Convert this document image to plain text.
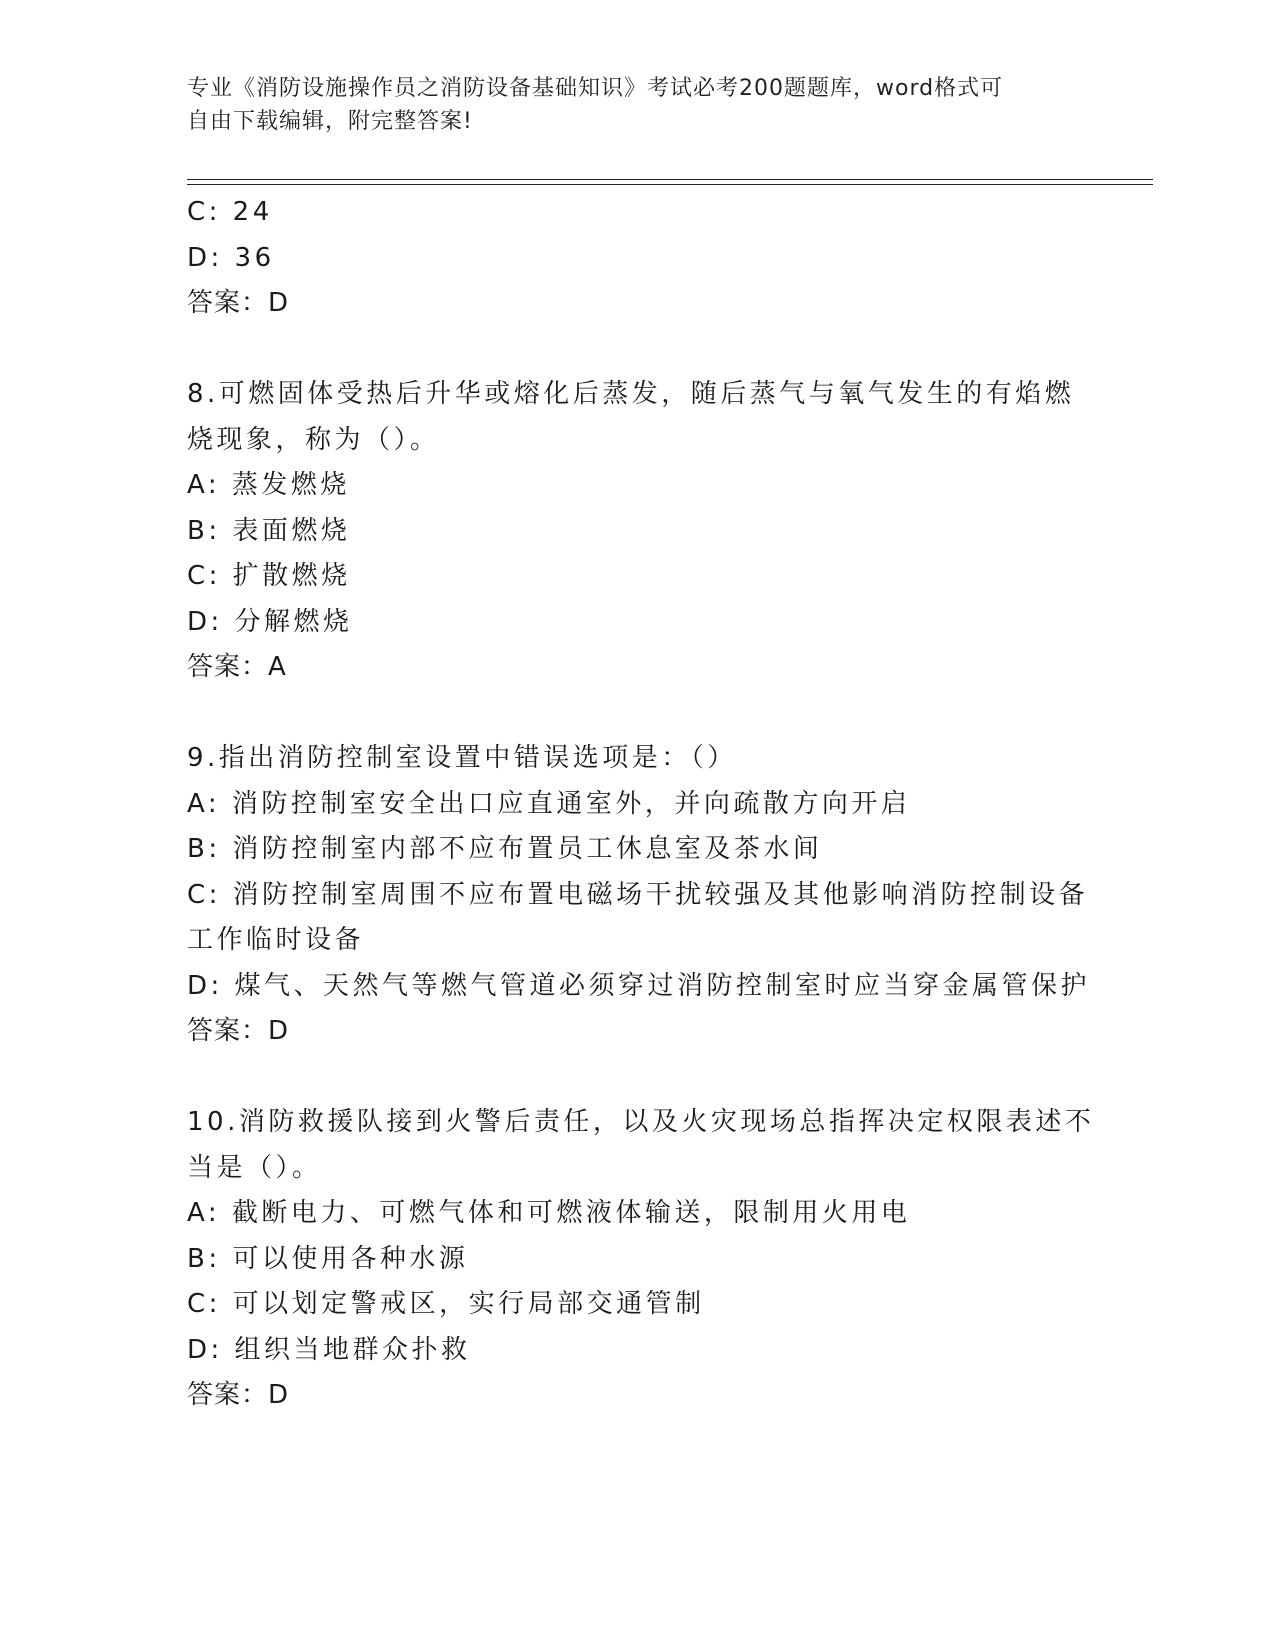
专业《消防设施操作员之消防设备基础知识》考试必考200题题库，word格式可
自由下载编辑，附完整答案!
C: 24
D: 36
答案：D
8.可燃固体受热后升华或熔化后蒸发，随后蒸气与氧气发生的有焰燃
烧现象，称为（）。
A: 蒸发燃烧
B: 表面燃烧
C: 扩散燃烧
D: 分解燃烧
答案：A
9.指出消防控制室设置中错误选项是：（）
A: 消防控制室安全出口应直通室外，并向疏散方向开启
B: 消防控制室内部不应布置员工休息室及茶水间
C: 消防控制室周围不应布置电磁场干扰较强及其他影响消防控制设备
工作临时设备
D: 煤气、天然气等燃气管道必须穿过消防控制室时应当穿金属管保护
答案：D
10.消防救援队接到火警后责任，以及火灾现场总指挥决定权限表述不
当是（）。
A: 截断电力、可燃气体和可燃液体输送，限制用火用电
B: 可以使用各种水源
C: 可以划定警戒区，实行局部交通管制
D: 组织当地群众扑救
答案：D
